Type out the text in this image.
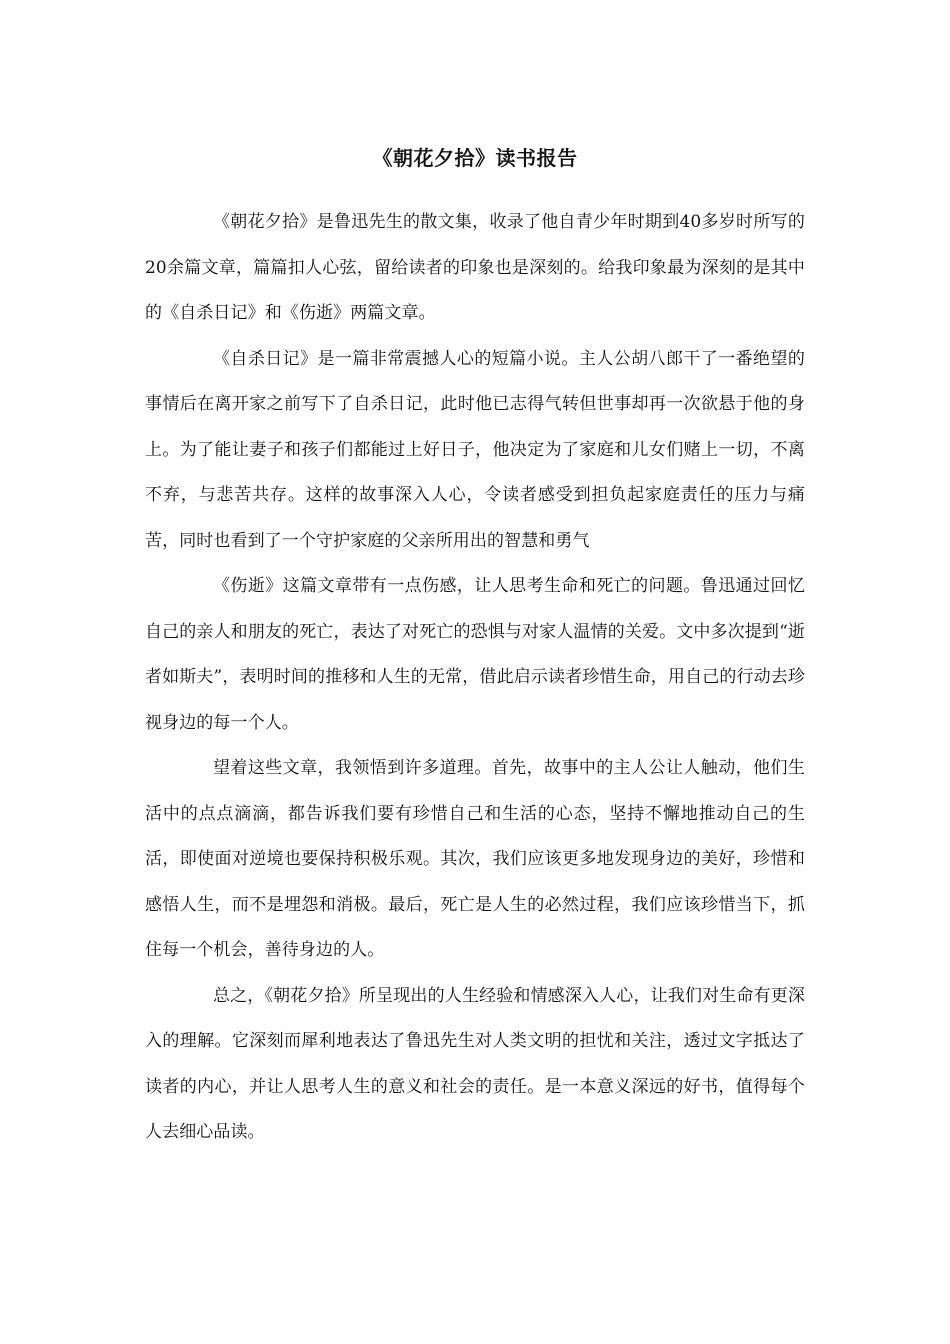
《朝花夕拾》读书报告

《朝花夕拾》是鲁迅先生的散文集，收录了他自青少年时期到40多岁时所写的20余篇文章，篇篇扣人心弦，留给读者的印象也是深刻的。给我印象最为深刻的是其中的《自杀日记》和《伤逝》两篇文章。

《自杀日记》是一篇非常震撼人心的短篇小说。主人公胡八郎干了一番绝望的事情后在离开家之前写下了自杀日记，此时他已志得气转但世事却再一次欲悬于他的身上。为了能让妻子和孩子们都能过上好日子，他决定为了家庭和儿女们赌上一切，不离不弃，与悲苦共存。这样的故事深入人心，令读者感受到担负起家庭责任的压力与痛苦，同时也看到了一个守护家庭的父亲所用出的智慧和勇气

《伤逝》这篇文章带有一点伤感，让人思考生命和死亡的问题。鲁迅通过回忆自己的亲人和朋友的死亡，表达了对死亡的恐惧与对家人温情的关爱。文中多次提到“逝者如斯夫”，表明时间的推移和人生的无常，借此启示读者珍惜生命，用自己的行动去珍视身边的每一个人。

望着这些文章，我领悟到许多道理。首先，故事中的主人公让人触动，他们生活中的点点滴滴，都告诉我们要有珍惜自己和生活的心态，坚持不懈地推动自己的生活，即使面对逆境也要保持积极乐观。其次，我们应该更多地发现身边的美好，珍惜和感悟人生，而不是埋怨和消极。最后，死亡是人生的必然过程，我们应该珍惜当下，抓住每一个机会，善待身边的人。

总之，《朝花夕拾》所呈现出的人生经验和情感深入人心，让我们对生命有更深入的理解。它深刻而犀利地表达了鲁迅先生对人类文明的担忧和关注，透过文字抵达了读者的内心，并让人思考人生的意义和社会的责任。是一本意义深远的好书，值得每个人去细心品读。
